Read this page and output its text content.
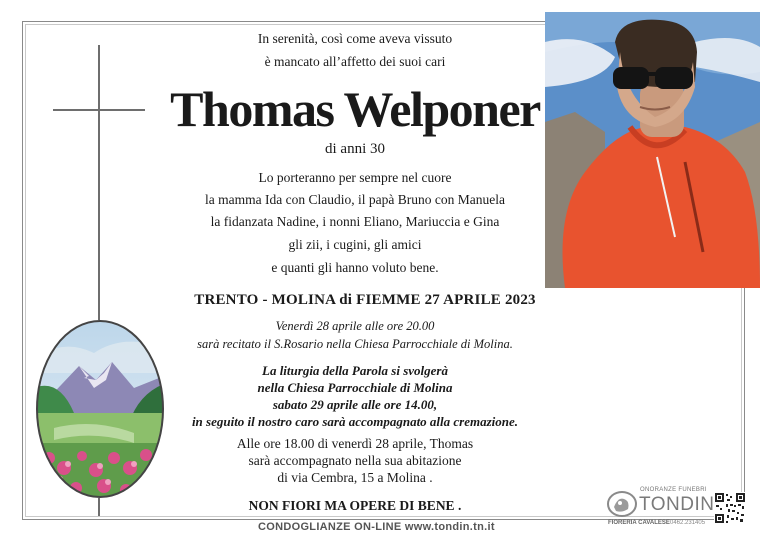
In serenità, così come aveva vissuto
è mancato all’affetto dei suoi cari
Thomas Welponer
di anni 30
Lo porteranno per sempre nel cuore
la mamma Ida con Claudio, il papà Bruno con Manuela
la fidanzata Nadine, i nonni Eliano, Mariuccia e Gina
gli zii, i cugini, gli amici
e quanti gli hanno voluto bene.
TRENTO - MOLINA di FIEMME 27 APRILE 2023
Venerdì 28 aprile alle ore 20.00
sarà recitato il S.Rosario nella Chiesa Parrocchiale di Molina.
La liturgia della Parola si svolgerà
nella Chiesa Parrocchiale di Molina
sabato 29 aprile alle ore 14.00,
in seguito il nostro caro sarà accompagnato alla cremazione.
Alle ore 18.00 di venerdì 28 aprile, Thomas
sarà accompagnato nella sua abitazione
di via Cembra, 15 a Molina .
NON FIORI MA OPERE DI BENE .
CONDOGLIANZE ON-LINE www.tondin.tn.it
ONORANZE FUNEBRI
TONDIN
FIORERIA CAVALESE 0462.231405
